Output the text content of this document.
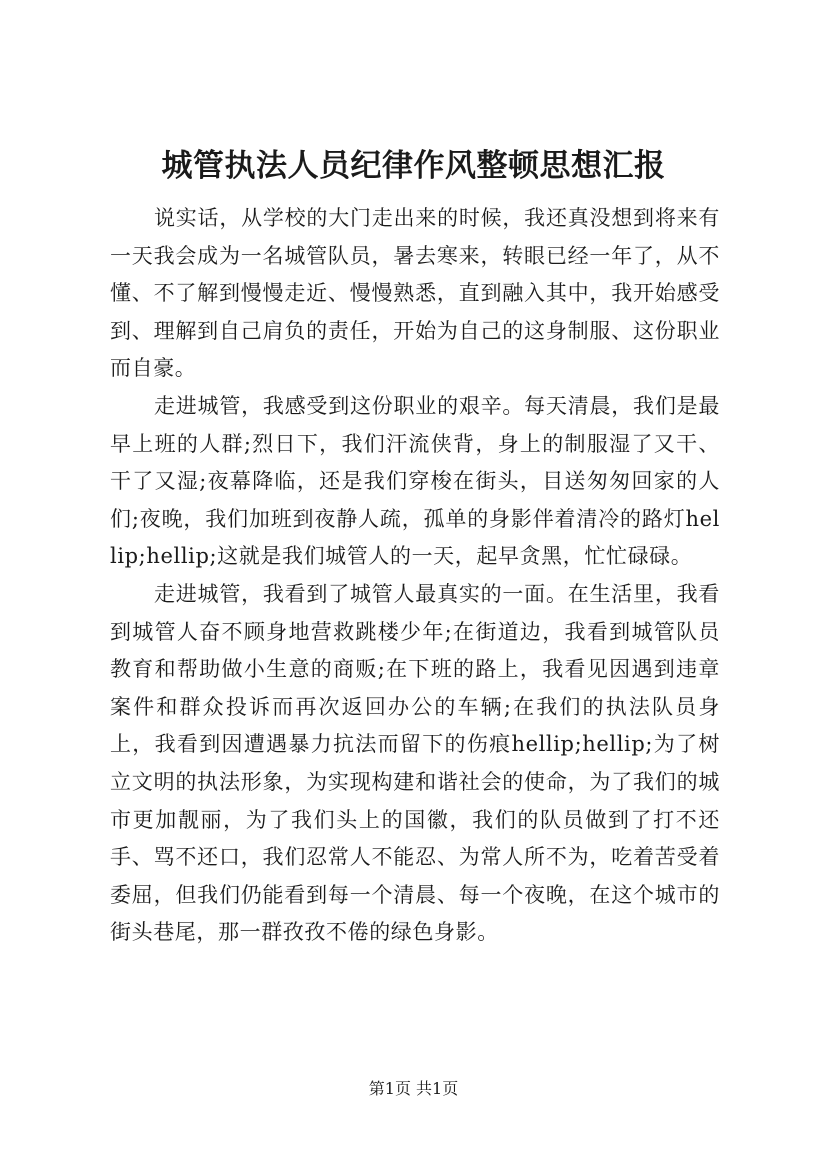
城管执法人员纪律作风整顿思想汇报

说实话，从学校的大门走出来的时候，我还真没想到将来有一天我会成为一名城管队员，暑去寒来，转眼已经一年了，从不懂、不了解到慢慢走近、慢慢熟悉，直到融入其中，我开始感受到、理解到自己肩负的责任，开始为自己的这身制服、这份职业而自豪。

走进城管，我感受到这份职业的艰辛。每天清晨，我们是最早上班的人群;烈日下，我们汗流侠背，身上的制服湿了又干、干了又湿;夜幕降临，还是我们穿梭在街头，目送匆匆回家的人们;夜晚，我们加班到夜静人疏，孤单的身影伴着清冷的路灯hellip;hellip;这就是我们城管人的一天，起早贪黑，忙忙碌碌。

走进城管，我看到了城管人最真实的一面。在生活里，我看到城管人奋不顾身地营救跳楼少年;在街道边，我看到城管队员教育和帮助做小生意的商贩;在下班的路上，我看见因遇到违章案件和群众投诉而再次返回办公的车辆;在我们的执法队员身上，我看到因遭遇暴力抗法而留下的伤痕hellip;hellip;为了树立文明的执法形象，为实现构建和谐社会的使命，为了我们的城市更加靓丽，为了我们头上的国徽，我们的队员做到了打不还手、骂不还口，我们忍常人不能忍、为常人所不为，吃着苦受着委屈，但我们仍能看到每一个清晨、每一个夜晚，在这个城市的街头巷尾，那一群孜孜不倦的绿色身影。

第1页 共1页
